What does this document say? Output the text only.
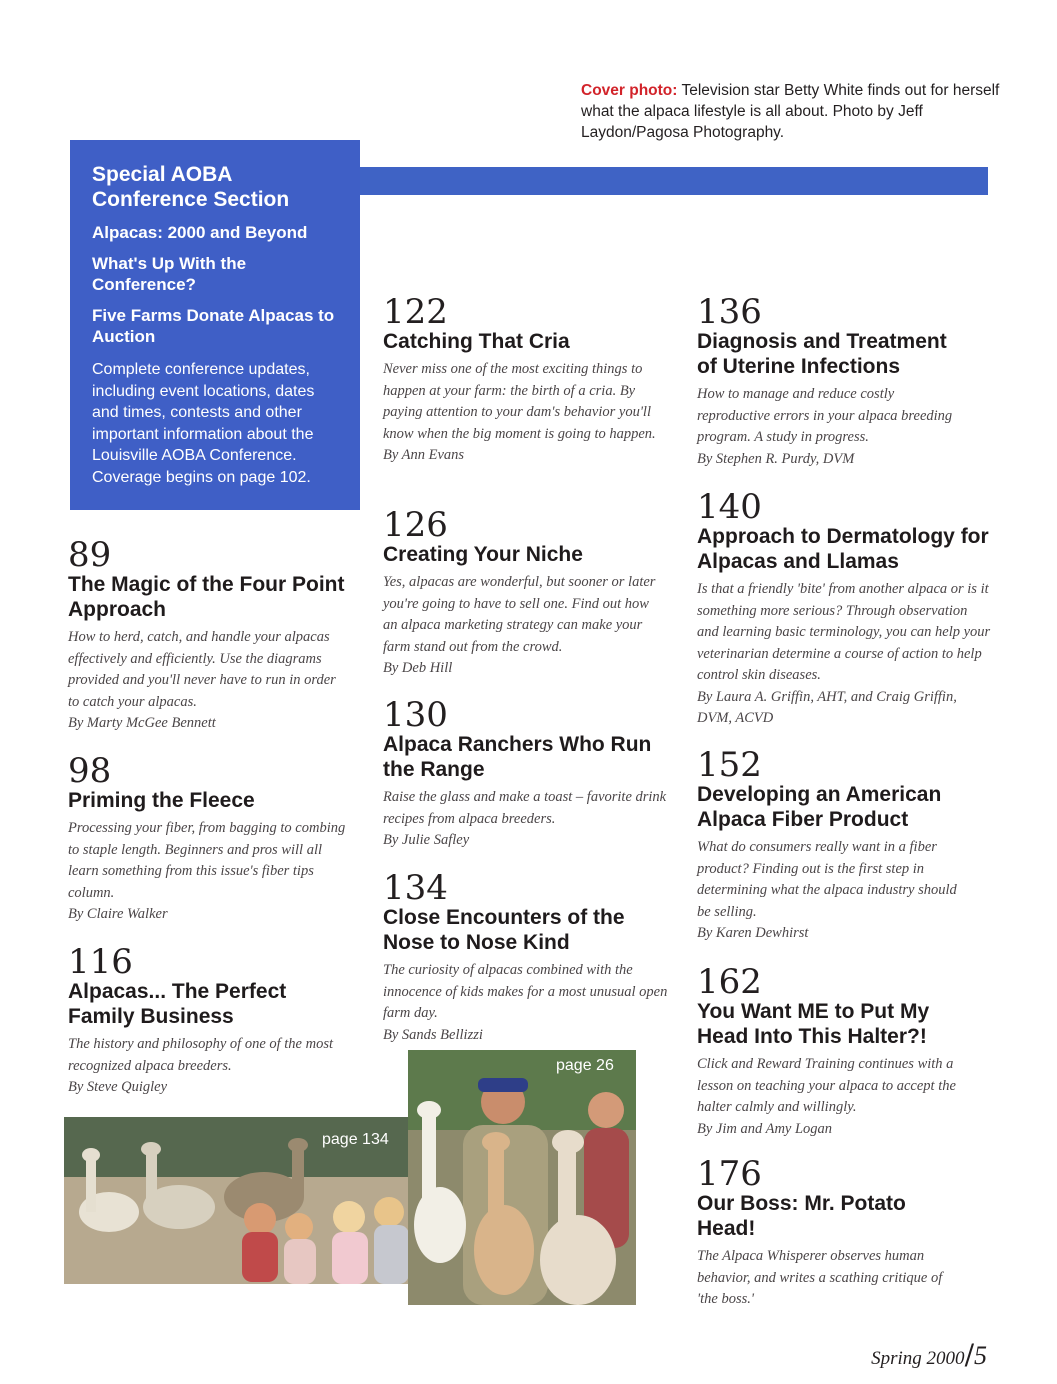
Cover photo: Television star Betty White finds out for herself what the alpaca lifestyle is all about. Photo by Jeff Laydon/Pagosa Photography.
Special AOBA Conference Section
Alpacas: 2000 and Beyond
What's Up With the Conference?
Five Farms Donate Alpacas to Auction
Complete conference updates, including event locations, dates and times, contests and other important information about the Louisville AOBA Conference. Coverage begins on page 102.
89
The Magic of the Four Point Approach
How to herd, catch, and handle your alpacas effectively and efficiently. Use the diagrams provided and you'll never have to run in order to catch your alpacas.
By Marty McGee Bennett
98
Priming the Fleece
Processing your fiber, from bagging to combing to staple length. Beginners and pros will all learn something from this issue's fiber tips column.
By Claire Walker
116
Alpacas... The Perfect Family Business
The history and philosophy of one of the most recognized alpaca breeders.
By Steve Quigley
122
Catching That Cria
Never miss one of the most exciting things to happen at your farm: the birth of a cria. By paying attention to your dam's behavior you'll know when the big moment is going to happen.
By Ann Evans
126
Creating Your Niche
Yes, alpacas are wonderful, but sooner or later you're going to have to sell one. Find out how an alpaca marketing strategy can make your farm stand out from the crowd.
By Deb Hill
130
Alpaca Ranchers Who Run the Range
Raise the glass and make a toast – favorite drink recipes from alpaca breeders.
By Julie Safley
134
Close Encounters of the Nose to Nose Kind
The curiosity of alpacas combined with the innocence of kids makes for a most unusual open farm day.
By Sands Bellizzi
136
Diagnosis and Treatment of Uterine Infections
How to manage and reduce costly reproductive errors in your alpaca breeding program. A study in progress.
By Stephen R. Purdy, DVM
140
Approach to Dermatology for Alpacas and Llamas
Is that a friendly 'bite' from another alpaca or is it something more serious? Through observation and learning basic terminology, you can help your veterinarian determine a course of action to help control skin diseases.
By Laura A. Griffin, AHT, and Craig Griffin, DVM, ACVD
152
Developing an American Alpaca Fiber Product
What do consumers really want in a fiber product? Finding out is the first step in determining what the alpaca industry should be selling.
By Karen Dewhirst
162
You Want ME to Put My Head Into This Halter?!
Click and Reward Training continues with a lesson on teaching your alpaca to accept the halter calmly and willingly.
By Jim and Amy Logan
176
Our Boss: Mr. Potato Head!
The Alpaca Whisperer observes human behavior, and writes a scathing critique of 'the boss.'
page 134
page 26
Spring 2000/5
